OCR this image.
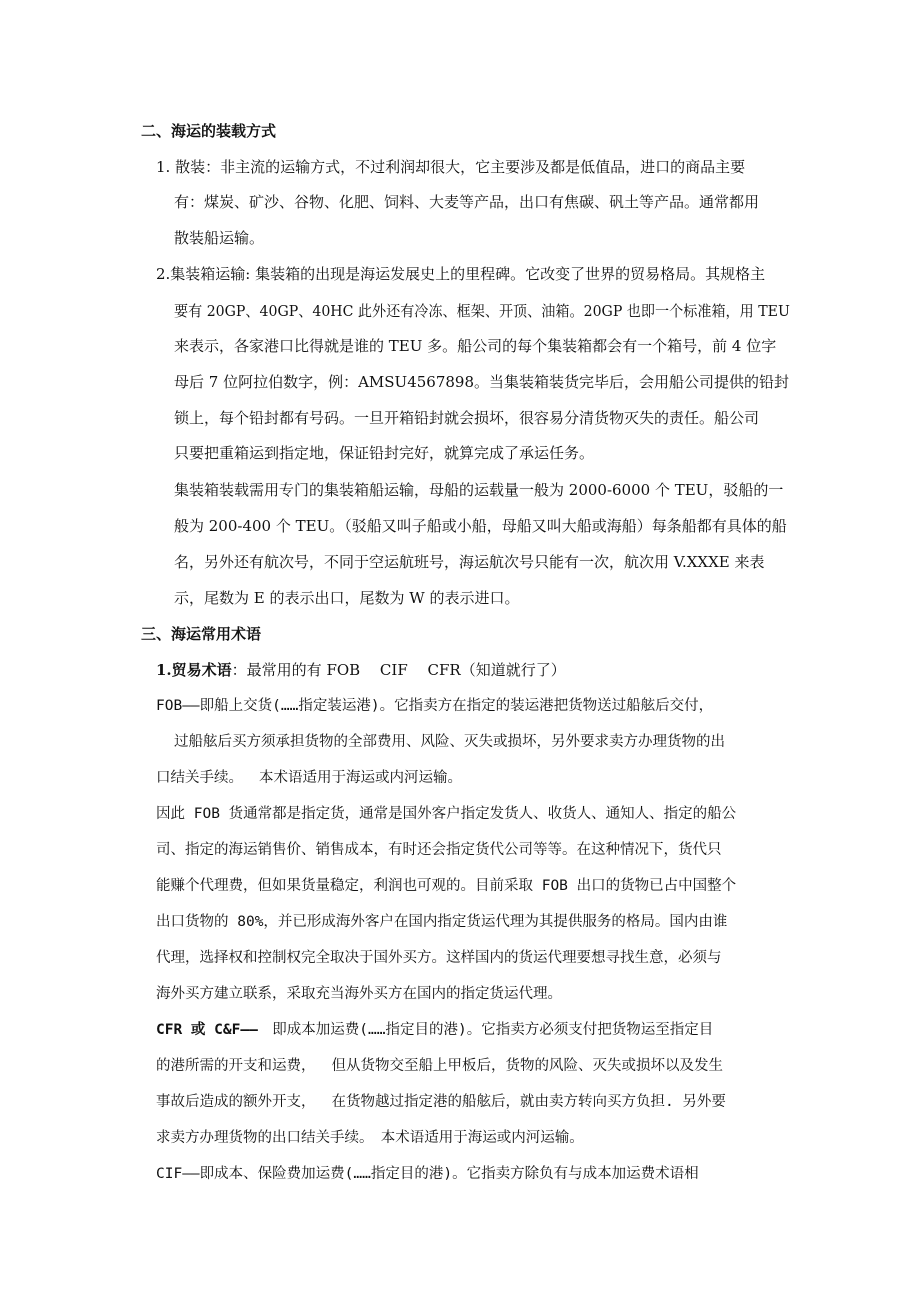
二、海运的装载方式
1. 散装：非主流的运输方式，不过利润却很大，它主要涉及都是低值品，进口的商品主要
有：煤炭、矿沙、谷物、化肥、饲料、大麦等产品，出口有焦碳、矾土等产品。通常都用
散装船运输。
2.集装箱运输: 集装箱的出现是海运发展史上的里程碑。它改变了世界的贸易格局。其规格主
要有 20GP、40GP、40HC 此外还有冷冻、框架、开顶、油箱。20GP 也即一个标准箱，用 TEU
来表示，各家港口比得就是谁的 TEU 多。船公司的每个集装箱都会有一个箱号，前 4 位字
母后 7 位阿拉伯数字，例：AMSU4567898。当集装箱装货完毕后，会用船公司提供的铅封
锁上，每个铅封都有号码。一旦开箱铅封就会损坏，很容易分清货物灭失的责任。船公司
只要把重箱运到指定地，保证铅封完好，就算完成了承运任务。
集装箱装载需用专门的集装箱船运输，母船的运载量一般为 2000-6000 个 TEU，驳船的一
般为 200-400 个 TEU。（驳船又叫子船或小船，母船又叫大船或海船）每条船都有具体的船
名，另外还有航次号，不同于空运航班号，海运航次号只能有一次，航次用 V.XXXE 来表
示，尾数为 E 的表示出口，尾数为 W 的表示进口。
三、海运常用术语
1.贸易术语：最常用的有 FOB　 CIF　 CFR（知道就行了）
FOB——即船上交货(……指定装运港)。它指卖方在指定的装运港把货物送过船舷后交付，
过船舷后买方须承担货物的全部费用、风险、灭失或损坏，另外要求卖方办理货物的出
口结关手续。　 本术语适用于海运或内河运输。
因此 FOB 货通常都是指定货，通常是国外客户指定发货人、收货人、通知人、指定的船公
司、指定的海运销售价、销售成本，有时还会指定货代公司等等。在这种情况下，货代只
能赚个代理费，但如果货量稳定，利润也可观的。目前采取 FOB 出口的货物已占中国整个
出口货物的 80%，并已形成海外客户在国内指定货运代理为其提供服务的格局。国内由谁
代理，选择权和控制权完全取决于国外买方。这样国内的货运代理要想寻找生意，必须与
海外买方建立联系，采取充当海外买方在国内的指定货运代理。
CFR 或 C&F——　即成本加运费(……指定目的港)。它指卖方必须支付把货物运至指定目
的港所需的开支和运费，　 但从货物交至船上甲板后，货物的风险、灭失或损坏以及发生
事故后造成的额外开支，　 在货物越过指定港的船舷后，就由卖方转向买方负担. 另外要
求卖方办理货物的出口结关手续。　本术语适用于海运或内河运输。
CIF——即成本、保险费加运费(……指定目的港)。它指卖方除负有与成本加运费术语相
